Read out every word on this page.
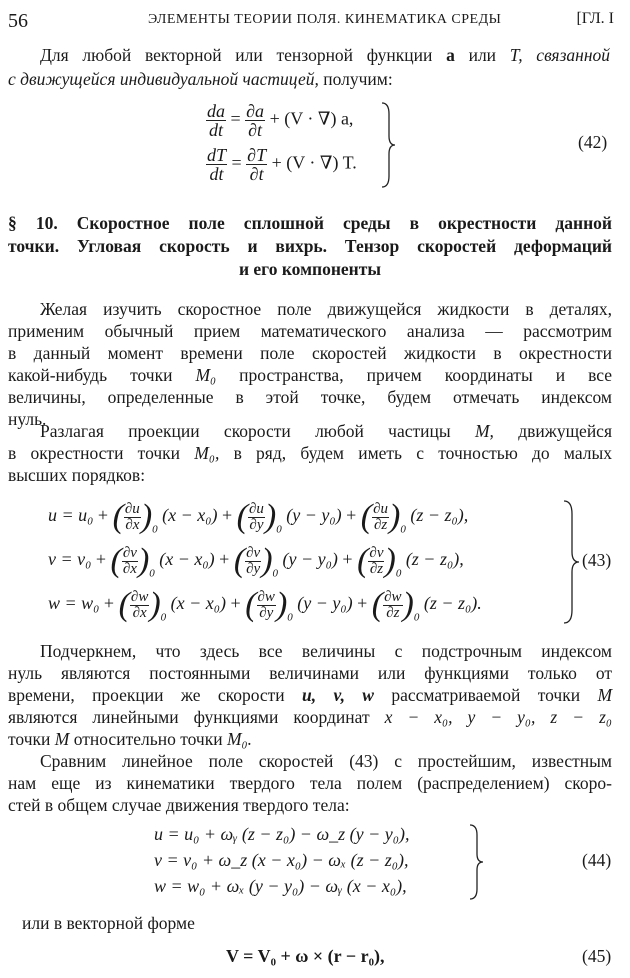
56	ЭЛЕМЕНТЫ ТЕОРИИ ПОЛЯ. КИНЕМАТИКА СРЕДЫ	[ГЛ. I
Для любой векторной или тензорной функции a или T, связанной
с движущейся индивидуальной частицей, получим:
$\frac{da}{dt} = \frac{\partial a}{\partial t} + (V$ · ∇) a,
$\frac{dT}{dt} = \frac{\partial T}{\partial t} + (V$ · ∇) T.
(42)
§ 10. Скоростное поле сплошной среды в окрестности данной
точки. Угловая скорость и вихрь. Тензор скоростей деформаций
и его компоненты
Желая изучить скоростное поле движущейся жидкости в деталях,
применим обычный прием математического анализа — рассмотрим
в данный момент времени поле скоростей жидкости в окрестности
какой-нибудь точки M₀ пространства, причем координаты и все
величины, определенные в этой точке, будем отмечать индексом
нуль.
Разлагая проекции скорости любой частицы M, движущейся
в окрестности точки M₀, в ряд, будем иметь с точностью до малых
высших порядков:
u = u₀ + ( $\frac{\partial u}{\partial x} )_0$ (x − x₀) + ( $\frac{\partial u}{\partial y} )_0$ (y − y₀) + ( $\frac{\partial u}{\partial z} )_0$ (z − z₀),
v = v₀ + ( $\frac{\partial v}{\partial x} )_0$ (x − x₀) + ( $\frac{\partial v}{\partial y} )_0$ (y − y₀) + ( $\frac{\partial v}{\partial z} )_0$ (z − z₀),
w = w₀ + ( $\frac{\partial w}{\partial x} )_0$ (x − x₀) + ( $\frac{\partial w}{\partial y} )_0$ (y − y₀) + ( $\frac{\partial w}{\partial z} )_0$ (z − z₀).
(43)
Подчеркнем, что здесь все величины с подстрочным индексом
нуль являются постоянными величинами или функциями только от
времени, проекции же скорости u, v, w рассматриваемой точки M
являются линейными функциями координат x − x₀, y − y₀, z − z₀
точки M относительно точки M₀.
Сравним линейное поле скоростей (43) с простейшим, известным
нам еще из кинематики твердого тела полем (распределением) скоро-
стей в общем случае движения твердого тела:
u = u₀ + ωᵧ (z − z₀) − ω_z (y − y₀),
v = v₀ + ω_z (x − x₀) − ωₓ (z − z₀),
w = w₀ + ωₓ (y − y₀) − ωᵧ (x − x₀),
(44)
или в векторной форме
V = V₀ + ω × (r − r₀),	(45)
